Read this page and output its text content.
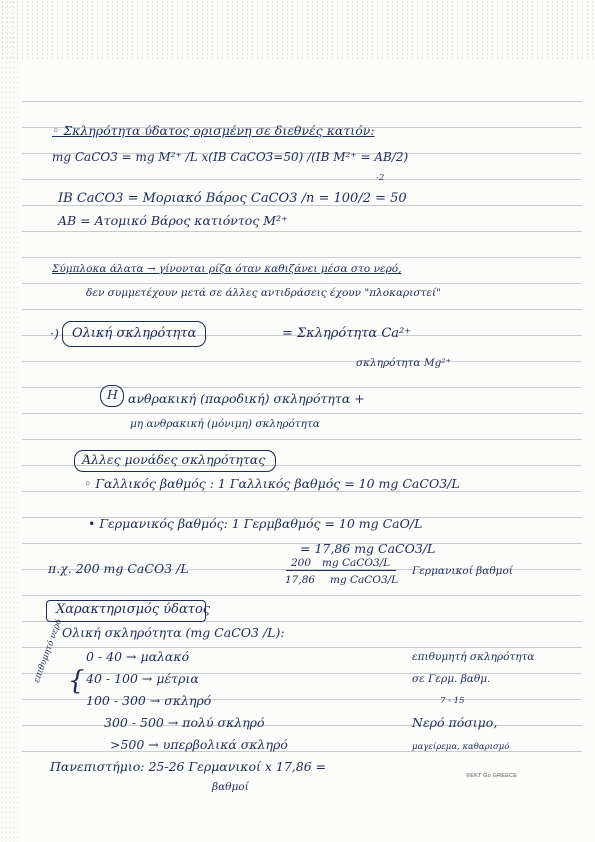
◦ Σκληρότητα ύδατος ορισμένη σε διεθνές κατιόν:
mg CaCO3 = mg M²⁺ /L x(ΙΒ CaCO3=50) /(ΙΒ M²⁺ = ΑΒ/2)
-2
ΙΒ CaCO3 = Μοριακό Βάρος CaCO3 /n = 100/2 = 50
ΑΒ = Ατομικό Βάρος κατιόντος M²⁺
Σύμπλοκα άλατα → γίνονται ρίζα όταν καθιζάνει μέσα στο νερό,
δεν συμμετέχουν μετά σε άλλες αντιδράσεις έχουν "πλοκαριστεί"
·) Ολική σκληρότητα	= Σκληρότητα Ca²⁺
σκληρότητα Mg²⁺
H ανθρακική (παροδική) σκληρότητα +
μη ανθρακική (μόνιμη) σκληρότητα
Άλλες μονάδες σκληρότητας
◦ Γαλλικός βαθμός : 1 Γαλλικός βαθμός = 10 mg CaCO3/L
• Γερμανικός βαθμός: 1 Γερμβαθμός = 10 mg CaO/L
= 17,86 mg CaCO3/L
π.χ. 200 mg CaCO3 /L	200 mg CaCO3/L
17,86 mg CaCO3/L
Γερμανικοί βαθμοί
Χαρακτηρισμός ύδατος
Ολική σκληρότητα (mg CaCO3 /L):
επιθυμητό νερό {
0 - 40 → μαλακό	επιθυμητή σκληρότητα
40 - 100 → μέτρια	σε Γερμ. βαθμ.
100 - 300 → σκληρό	7 - 15
300 - 500 → πολύ σκληρό	Νερό πόσιμο,
>500 → υπερβολικά σκληρό	μαγείρεμα, καθαρισμό
Πανεπιστήμιο: 25-26 Γερμανικοί x 17,86 =
βαθμοί
©EKT Go GREECE
